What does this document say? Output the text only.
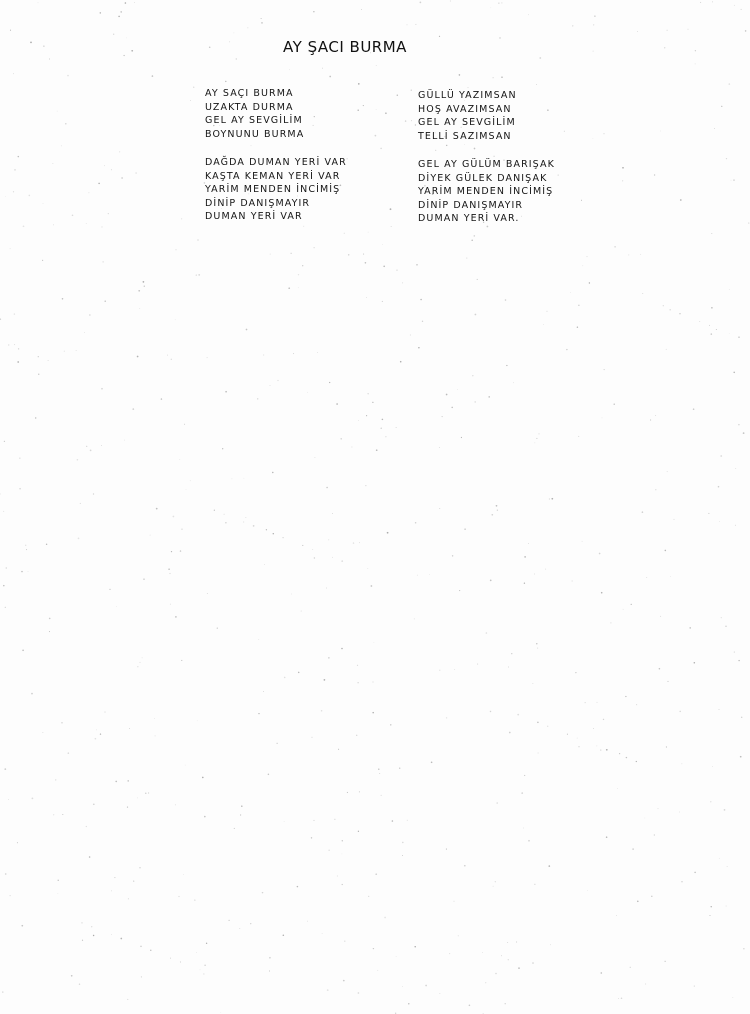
AY ŞACI BURMA
AY SAÇI BURMA
UZAKTA DURMA
GEL AY SEVGİLİM
BOYNUNU BURMA
DAĞDA DUMAN YERİ VAR
KAŞTA KEMAN YERİ VAR
YARİM MENDEN İNCİMİŞ
DİNİP DANIŞMAYIR
DUMAN YERİ VAR
GÜLLÜ YAZIMSAN
HOŞ AVAZIMSAN
GEL AY SEVGİLİM
TELLİ SAZIMSAN
GEL AY GÜLÜM BARIŞAK
DİYEK GÜLEK DANIŞAK
YARİM MENDEN İNCİMİŞ
DİNİP DANIŞMAYIR
DUMAN YERİ VAR.
